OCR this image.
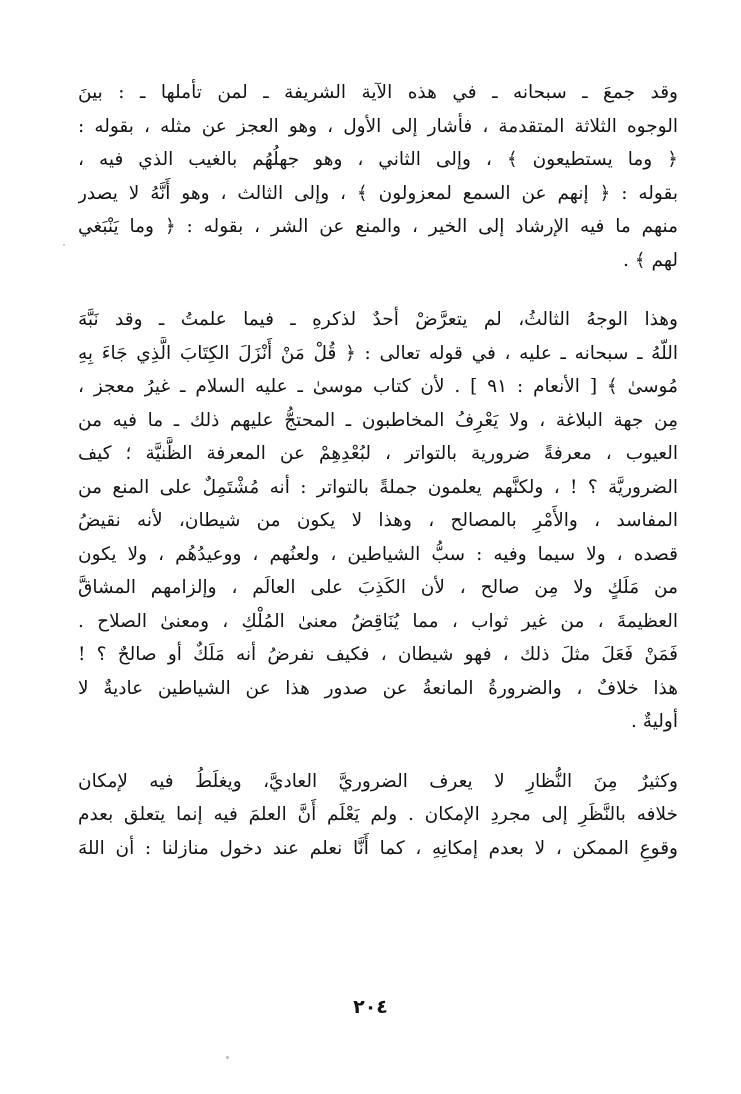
وقد جمعَ ـ سبحانه ـ في هذه الآية الشريفة ـ لمن تأملها ـ : بينَ
الوجوه الثلاثة المتقدمة ، فأشار إلى الأول ، وهو العجز عن مثله ، بقوله :
﴿ وما يستطيعون ﴾ ، وإلى الثاني ، وهو جهلُهُم بالغيب الذي فيه ،
بقوله : ﴿ إنهم عن السمع لمعزولون ﴾ ، وإلى الثالث ، وهو أَنَّهُ لا يصدر
منهم ما فيه الإرشاد إلى الخير ، والمنع عن الشر ، بقوله : ﴿ وما يَنْبَغي
لهم ﴾ .
وهذا الوجهُ الثالثُ، لم يتعرَّضْ أحدٌ لذكرهِ ـ فيما علمتُ ـ وقد نَبَّهَ
اللّهُ ـ سبحانه ـ عليه ، في قوله تعالى : ﴿ قُلْ مَنْ أَنْزَلَ الكِتَابَ الَّذِي جَاءَ بِهِ
مُوسىٰ ﴾ [ الأنعام : ٩١ ] . لأن كتاب موسىٰ ـ عليه السلام ـ غيرُ معجز ،
مِن جهة البلاغة ، ولا يَعْرِفُ المخاطبون ـ المحتجُّ عليهم ذلك ـ ما فيه من
العيوب ، معرفةً ضرورية بالتواتر ، لبُعْدِهِمْ عن المعرفة الظَّنيَّة ؛ كيف
الضروريَّة ؟ ! ، ولكنَّهم يعلمون جملةً بالتواتر : أنه مُشْتَمِلٌ على المنع من
المفاسد ، والأَمْرِ بالمصالح ، وهذا لا يكون من شيطان، لأنه نقيضُ
قصده ، ولا سيما وفيه : سبُّ الشياطين ، ولعنُهم ، ووعيدُهُم ، ولا يكون
من مَلَكٍ ولا مِن صالح ، لأن الكَذِبَ على العالَم ، وإلزامهم المشاقَّ
العظيمةَ ، من غير ثواب ، مما يُنَاقِضُ معنىٰ المُلْكِ ، ومعنىٰ الصلاح .
فَمَنْ فَعَلَ مثلَ ذلك ، فهو شيطان ، فكيف نفرضُ أنه مَلَكٌ أو صالحٌ ؟ !
هذا خلافٌ ، والضرورةُ المانعةُ عن صدور هذا عن الشياطين عاديةٌ لا
أوليةٌ .
وكثيرٌ مِنَ النُّظارِ لا يعرف الضروريَّ العاديَّ، ويغلَطُ فيه لإمكان
خلافه بالنَّظَرِ إلى مجردِ الإمكان . ولم يَعْلَم أَنَّ العلمَ فيه إنما يتعلق بعدم
وقوعِ الممكن ، لا بعدم إمكانِهِ ، كما أَنَّا نعلم عند دخول منازلنا : أن اللهَ
٢٠٤
